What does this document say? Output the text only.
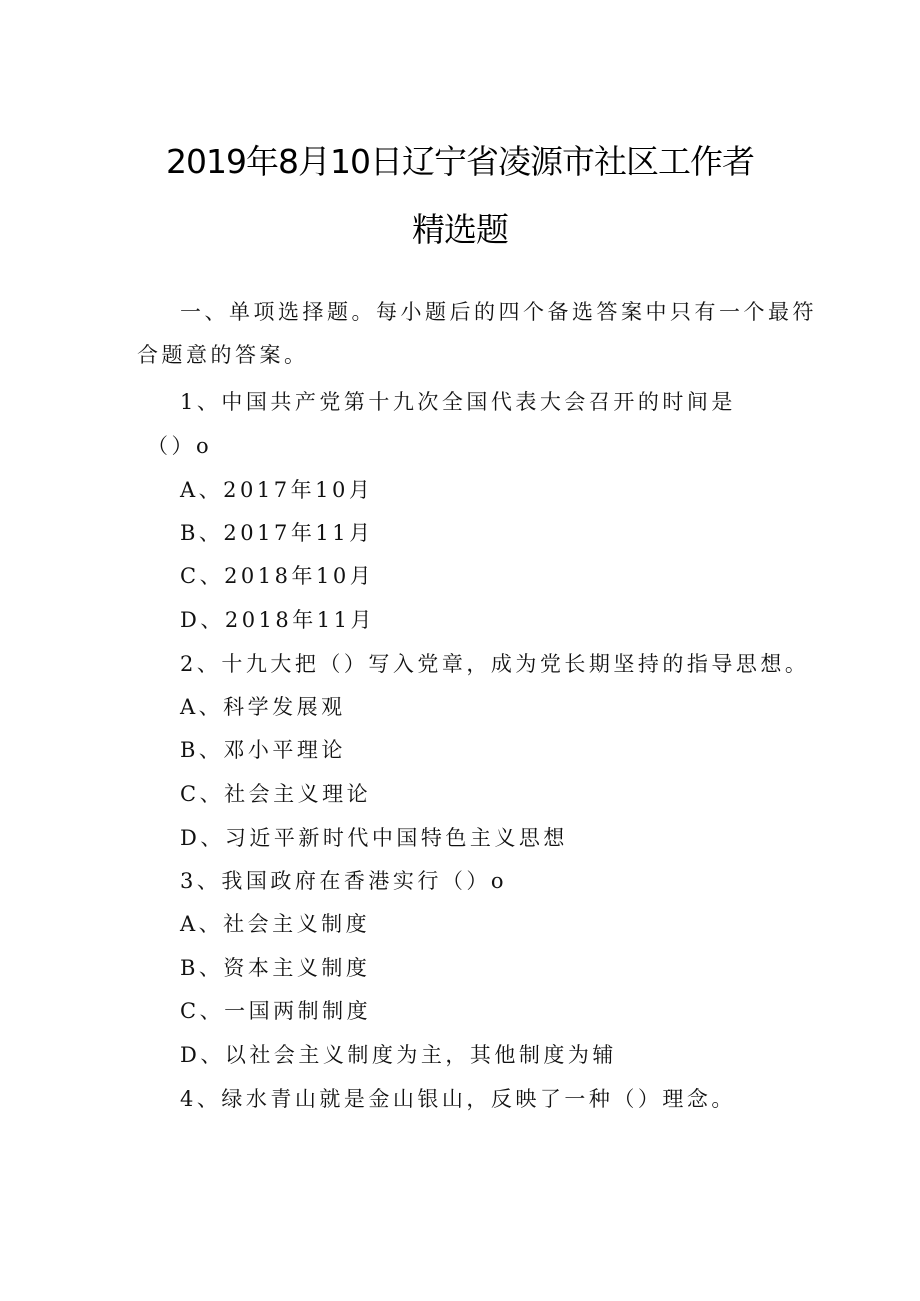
2019年8月10日辽宁省凌源市社区工作者
精选题
一、单项选择题。每小题后的四个备选答案中只有一个最符
合题意的答案。
1、中国共产党第十九次全国代表大会召开的时间是
（）o
A、2017年10月
B、2017年11月
C、2018年10月
D、2018年11月
2、十九大把（）写入党章，成为党长期坚持的指导思想。
A、科学发展观
B、邓小平理论
C、社会主义理论
D、习近平新时代中国特色主义思想
3、我国政府在香港实行（）o
A、社会主义制度
B、资本主义制度
C、一国两制制度
D、以社会主义制度为主，其他制度为辅
4、绿水青山就是金山银山，反映了一种（）理念。
